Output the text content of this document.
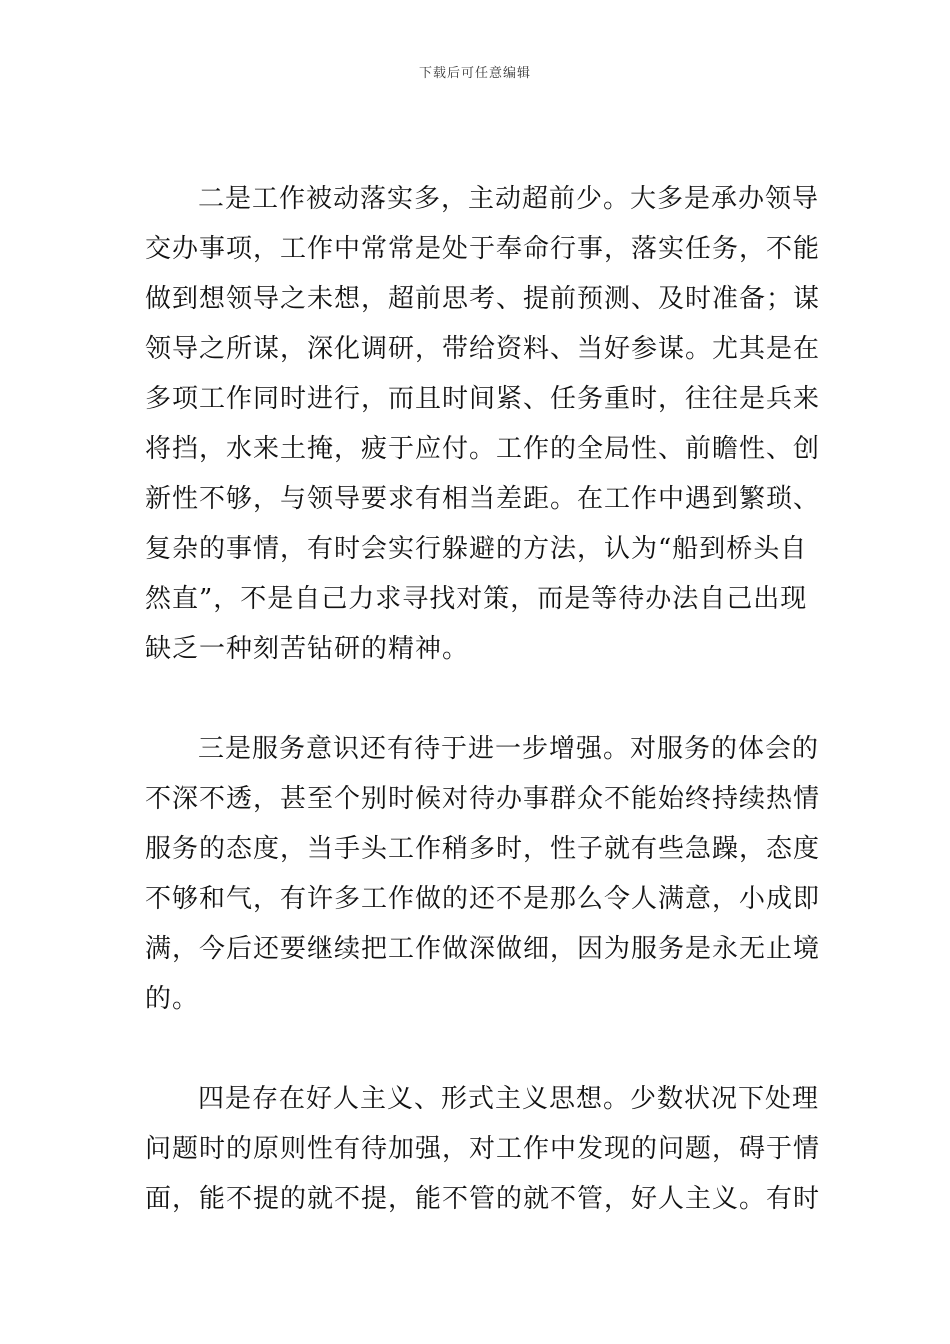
下载后可任意编辑

二是工作被动落实多，主动超前少。大多是承办领导
交办事项，工作中常常是处于奉命行事，落实任务，不能
做到想领导之未想，超前思考、提前预测、及时准备；谋
领导之所谋，深化调研，带给资料、当好参谋。尤其是在
多项工作同时进行，而且时间紧、任务重时，往往是兵来
将挡，水来土掩，疲于应付。工作的全局性、前瞻性、创
新性不够，与领导要求有相当差距。在工作中遇到繁琐、
复杂的事情，有时会实行躲避的方法，认为“船到桥头自
然直”，不是自己力求寻找对策，而是等待办法自己出现
缺乏一种刻苦钻研的精神。

三是服务意识还有待于进一步增强。对服务的体会的
不深不透，甚至个别时候对待办事群众不能始终持续热情
服务的态度，当手头工作稍多时，性子就有些急躁，态度
不够和气，有许多工作做的还不是那么令人满意，小成即
满，今后还要继续把工作做深做细，因为服务是永无止境
的。

四是存在好人主义、形式主义思想。少数状况下处理
问题时的原则性有待加强，对工作中发现的问题，碍于情
面，能不提的就不提，能不管的就不管，好人主义。有时
